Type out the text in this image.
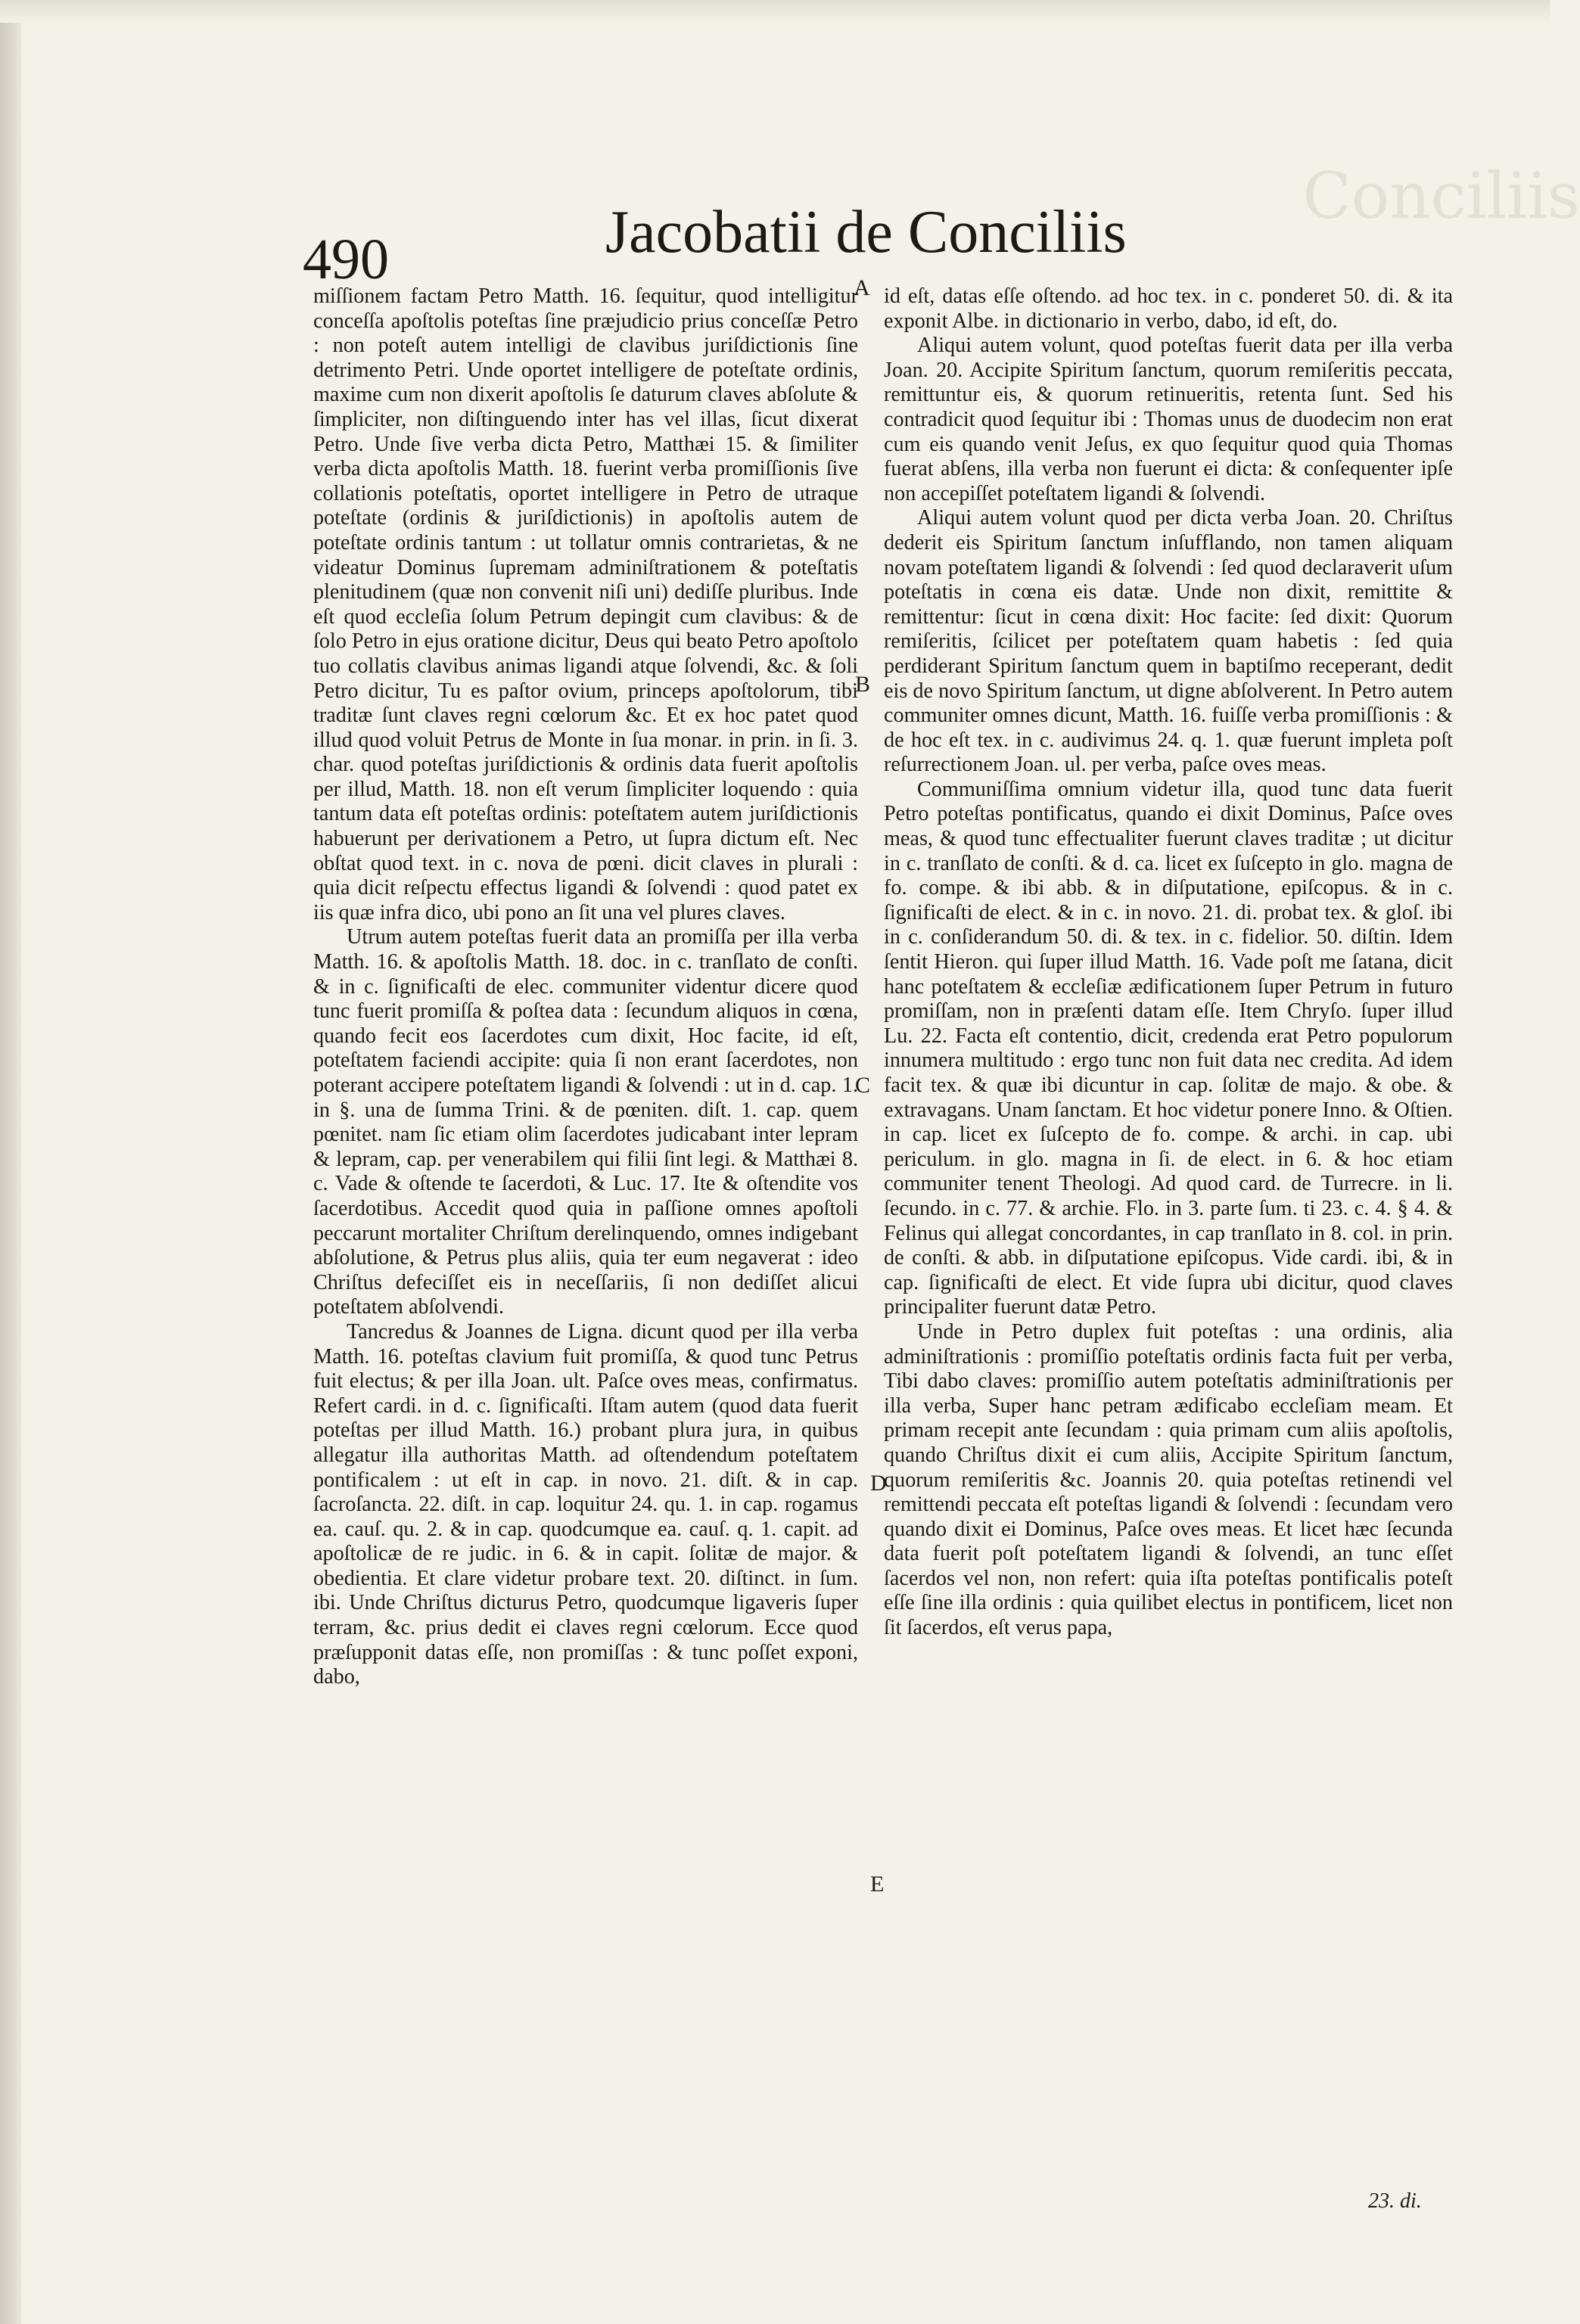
Conciliis
490	Jacobatii de Conciliis

miſſionem factam Petro Matth. 16. ſequitur, quod intelligitur conceſſa apoſtolis poteſtas ſine præjudicio prius conceſſæ Petro : non poteſt autem intelligi de clavibus juriſdictionis ſine detrimento Petri. Unde oportet intelligere de poteſtate ordinis, maxime cum non dixerit apoſtolis ſe daturum claves abſolute & ſimpliciter, non diſtinguendo inter has vel illas, ſicut dixerat Petro. Unde ſive verba dicta Petro, Matthæi 15. & ſimiliter verba dicta apoſtolis Matth. 18. fuerint verba promiſſionis ſive collationis poteſtatis, oportet intelligere in Petro de utraque poteſtate (ordinis & juriſdictionis) in apoſtolis autem de poteſtate ordinis tantum : ut tollatur omnis contrarietas, & ne videatur Dominus ſupremam adminiſtrationem & poteſtatis plenitudinem (quæ non convenit niſi uni) dediſſe pluribus. Inde eſt quod eccleſia ſolum Petrum depingit cum clavibus: & de ſolo Petro in ejus oratione dicitur, Deus qui beato Petro apoſtolo tuo collatis clavibus animas ligandi atque ſolvendi, &c. & ſoli Petro dicitur, Tu es paſtor ovium, princeps apoſtolorum, tibi traditæ ſunt claves regni cœlorum &c. Et ex hoc patet quod illud quod voluit Petrus de Monte in ſua monar. in prin. in ſi. 3. char. quod poteſtas juriſdictionis & ordinis data fuerit apoſtolis per illud, Matth. 18. non eſt verum ſimpliciter loquendo : quia tantum data eſt poteſtas ordinis: poteſtatem autem juriſdictionis habuerunt per derivationem a Petro, ut ſupra dictum eſt. Nec obſtat quod text. in c. nova de pœni. dicit claves in plurali : quia dicit reſpectu effectus ligandi & ſolvendi : quod patet ex iis quæ infra dico, ubi pono an ſit una vel plures claves.

Utrum autem poteſtas fuerit data an promiſſa per illa verba Matth. 16. & apoſtolis Matth. 18. doc. in c. tranſlato de conſti. & in c. ſignificaſti de elec. communiter videntur dicere quod tunc fuerit promiſſa & poſtea data : ſecundum aliquos in cœna, quando fecit eos ſacerdotes cum dixit, Hoc facite, id eſt, poteſtatem faciendi accipite: quia ſi non erant ſacerdotes, non poterant accipere poteſtatem ligandi & ſolvendi : ut in d. cap. 1. in §. una de ſumma Trini. & de pœniten. diſt. 1. cap. quem pœnitet. nam ſic etiam olim ſacerdotes judicabant inter lepram & lepram, cap. per venerabilem qui filii ſint legi. & Matthæi 8. c. Vade & oſtende te ſacerdoti, & Luc. 17. Ite & oſtendite vos ſacerdotibus. Accedit quod quia in paſſione omnes apoſtoli peccarunt mortaliter Chriſtum derelinquendo, omnes indigebant abſolutione, & Petrus plus aliis, quia ter eum negaverat : ideo Chriſtus defeciſſet eis in neceſſariis, ſi non dediſſet alicui poteſtatem abſolvendi.

Tancredus & Joannes de Ligna. dicunt quod per illa verba Matth. 16. poteſtas clavium fuit promiſſa, & quod tunc Petrus fuit electus; & per illa Joan. ult. Paſce oves meas, confirmatus. Refert cardi. in d. c. ſignificaſti. Iſtam autem (quod data fuerit poteſtas per illud Matth. 16.) probant plura jura, in quibus allegatur illa authoritas Matth. ad oſtendendum poteſtatem pontificalem : ut eſt in cap. in novo. 21. diſt. & in cap. ſacroſancta. 22. diſt. in cap. loquitur 24. qu. 1. in cap. rogamus ea. cauſ. qu. 2. & in cap. quodcumque ea. cauſ. q. 1. capit. ad apoſtolicæ de re judic. in 6. & in capit. ſolitæ de major. & obedientia. Et clare videtur probare text. 20. diſtinct. in ſum. ibi. Unde Chriſtus dicturus Petro, quodcumque ligaveris ſuper terram, &c. prius dedit ei claves regni cœlorum. Ecce quod præſupponit datas eſſe, non promiſſas : & tunc poſſet exponi, dabo,

id eſt, datas eſſe oſtendo. ad hoc tex. in c. ponderet 50. di. & ita exponit Albe. in dictionario in verbo, dabo, id eſt, do.

Aliqui autem volunt, quod poteſtas fuerit data per illa verba Joan. 20. Accipite Spiritum ſanctum, quorum remiſeritis peccata, remittuntur eis, & quorum retinueritis, retenta ſunt. Sed his contradicit quod ſequitur ibi : Thomas unus de duodecim non erat cum eis quando venit Jeſus, ex quo ſequitur quod quia Thomas fuerat abſens, illa verba non fuerunt ei dicta: & conſequenter ipſe non accepiſſet poteſtatem ligandi & ſolvendi.

Aliqui autem volunt quod per dicta verba Joan. 20. Chriſtus dederit eis Spiritum ſanctum inſufflando, non tamen aliquam novam poteſtatem ligandi & ſolvendi : ſed quod declaraverit uſum poteſtatis in cœna eis datæ. Unde non dixit, remittite & remittentur: ſicut in cœna dixit: Hoc facite: ſed dixit: Quorum remiſeritis, ſcilicet per poteſtatem quam habetis : ſed quia perdiderant Spiritum ſanctum quem in baptiſmo receperant, dedit eis de novo Spiritum ſanctum, ut digne abſolverent. In Petro autem communiter omnes dicunt, Matth. 16. fuiſſe verba promiſſionis : & de hoc eſt tex. in c. audivimus 24. q. 1. quæ fuerunt impleta poſt reſurrectionem Joan. ul. per verba, paſce oves meas.

Communiſſima omnium videtur illa, quod tunc data fuerit Petro poteſtas pontificatus, quando ei dixit Dominus, Paſce oves meas, & quod tunc effectualiter fuerunt claves traditæ ; ut dicitur in c. tranſlato de conſti. & d. ca. licet ex ſuſcepto in glo. magna de fo. compe. & ibi abb. & in diſputatione, epiſcopus. & in c. ſignificaſti de elect. & in c. in novo. 21. di. probat tex. & gloſ. ibi in c. conſiderandum 50. di. & tex. in c. fidelior. 50. diſtin. Idem ſentit Hieron. qui ſuper illud Matth. 16. Vade poſt me ſatana, dicit hanc poteſtatem & eccleſiæ ædificationem ſuper Petrum in futuro promiſſam, non in præſenti datam eſſe. Item Chryſo. ſuper illud Lu. 22. Facta eſt contentio, dicit, credenda erat Petro populorum innumera multitudo : ergo tunc non fuit data nec credita. Ad idem facit tex. & quæ ibi dicuntur in cap. ſolitæ de majo. & obe. & extravagans. Unam ſanctam. Et hoc videtur ponere Inno. & Oſtien. in cap. licet ex ſuſcepto de fo. compe. & archi. in cap. ubi periculum. in glo. magna in ſi. de elect. in 6. & hoc etiam communiter tenent Theologi. Ad quod card. de Turrecre. in li. ſecundo. in c. 77. & archie. Flo. in 3. parte ſum. ti 23. c. 4. § 4. & Felinus qui allegat concordantes, in cap tranſlato in 8. col. in prin. de conſti. & abb. in diſputatione epiſcopus. Vide cardi. ibi, & in cap. ſignificaſti de elect. Et vide ſupra ubi dicitur, quod claves principaliter fuerunt datæ Petro.

Unde in Petro duplex fuit poteſtas : una ordinis, alia adminiſtrationis : promiſſio poteſtatis ordinis facta fuit per verba, Tibi dabo claves: promiſſio autem poteſtatis adminiſtrationis per illa verba, Super hanc petram ædificabo eccleſiam meam. Et primam recepit ante ſecundam : quia primam cum aliis apoſtolis, quando Chriſtus dixit ei cum aliis, Accipite Spiritum ſanctum, quorum remiſeritis &c. Joannis 20. quia poteſtas retinendi vel remittendi peccata eſt poteſtas ligandi & ſolvendi : ſecundam vero quando dixit ei Dominus, Paſce oves meas. Et licet hæc ſecunda data fuerit poſt poteſtatem ligandi & ſolvendi, an tunc eſſet ſacerdos vel non, non refert: quia iſta poteſtas pontificalis poteſt eſſe ſine illa ordinis : quia quilibet electus in pontificem, licet non ſit ſacerdos, eſt verus papa,

A
B
C
D
E
23. di.
